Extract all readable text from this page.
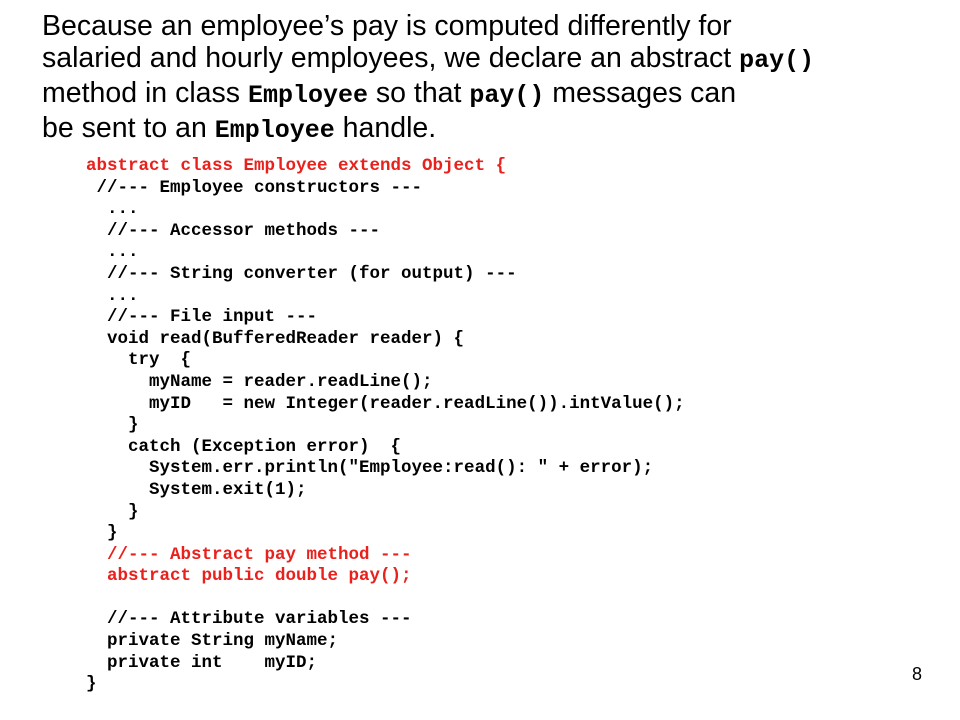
Because an employee’s pay is computed differently for
salaried and hourly employees, we declare an abstract pay()
method in class Employee so that pay() messages can
be sent to an Employee handle.
abstract class Employee extends Object {
//--- Employee constructors ---
...
//--- Accessor methods ---
...
//--- String converter (for output) ---
...
//--- File input ---
void read(BufferedReader reader) {
try  {
myName = reader.readLine();
myID   = new Integer(reader.readLine()).intValue();
}
catch (Exception error)  {
System.err.println("Employee:read(): " + error);
System.exit(1);
}
}
//--- Abstract pay method ---
abstract public double pay();
//--- Attribute variables ---
private String myName;
private int    myID;
}
8
